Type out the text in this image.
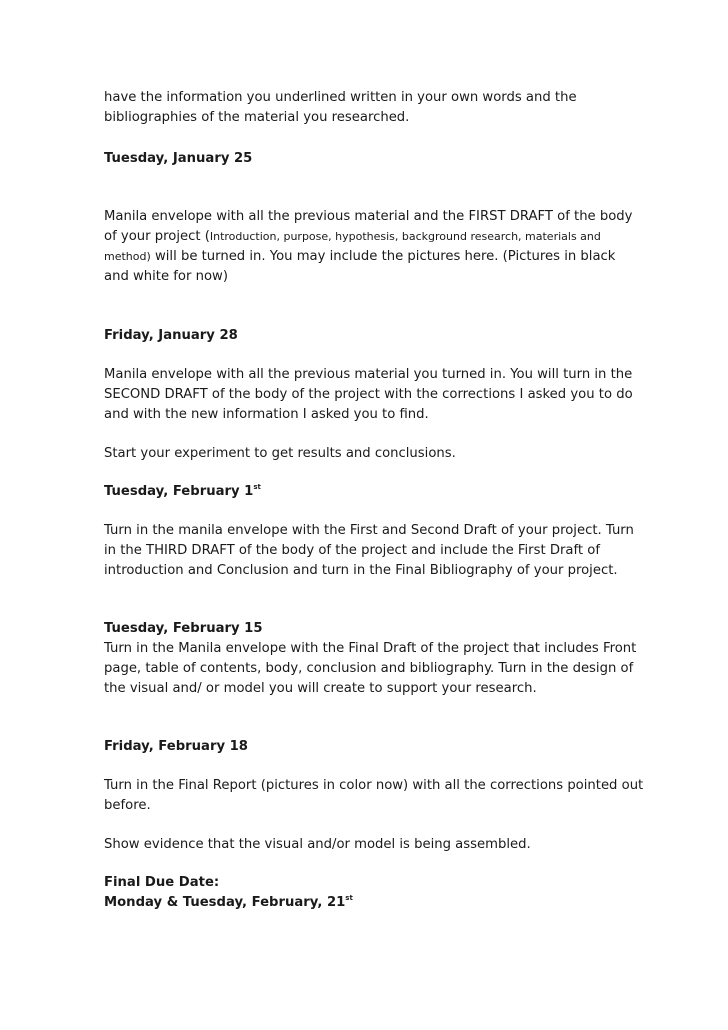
have the information you underlined written in your own words and the bibliographies of the material you researched.

Tuesday, January 25

Manila envelope with all the previous material and the FIRST DRAFT of the body of your project (Introduction, purpose, hypothesis, background research, materials and method) will be turned in. You may include the pictures here. (Pictures in black and white for now)

Friday, January 28

Manila envelope with all the previous material you turned in. You will turn in the SECOND DRAFT of the body of the project with the corrections I asked you to do and with the new information I asked you to find.

Start your experiment to get results and conclusions.

Tuesday, February 1st

Turn in the manila envelope with the First and Second Draft of your project. Turn in the THIRD DRAFT of the body of the project and include the First Draft of introduction and Conclusion and turn in the Final Bibliography of your project.

Tuesday, February 15

Turn in the Manila envelope with the Final Draft of the project that includes Front page, table of contents, body, conclusion and bibliography. Turn in the design of the visual and/ or model you will create to support your research.

Friday, February 18

Turn in the Final Report (pictures in color now) with all the corrections pointed out before.

Show evidence that the visual and/or model is being assembled.

Final Due Date:

Monday & Tuesday, February, 21st
